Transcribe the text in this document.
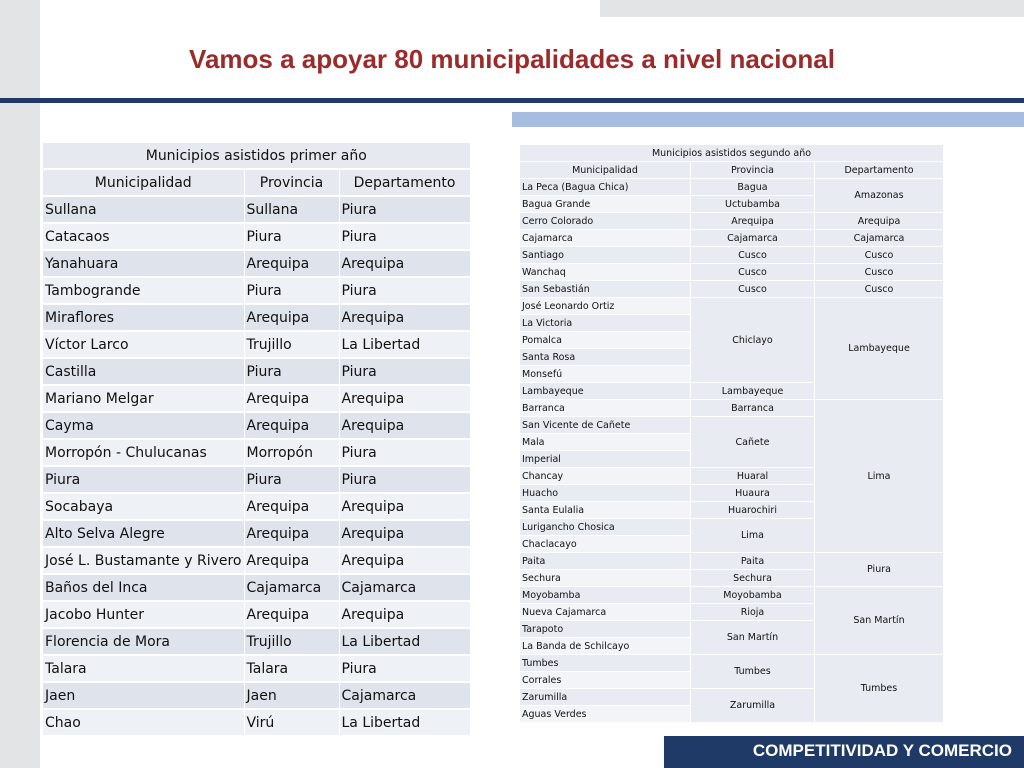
Vamos a apoyar 80 municipalidades a nivel nacional
Municipios asistidos primer año		
Municipalidad	Provincia	Departamento
Sullana	Sullana	Piura
Catacaos	Piura	Piura
Yanahuara	Arequipa	Arequipa
Tambogrande	Piura	Piura
Miraflores	Arequipa	Arequipa
Víctor Larco	Trujillo	La Libertad
Castilla	Piura	Piura
Mariano Melgar	Arequipa	Arequipa
Cayma	Arequipa	Arequipa
Morropón - Chulucanas	Morropón	Piura
Piura	Piura	Piura
Socabaya	Arequipa	Arequipa
Alto Selva Alegre	Arequipa	Arequipa
José L. Bustamante y Rivero	Arequipa	Arequipa
Baños del Inca	Cajamarca	Cajamarca
Jacobo Hunter	Arequipa	Arequipa
Florencia de Mora	Trujillo	La Libertad
Talara	Talara	Piura
Jaen	Jaen	Cajamarca
Chao	Virú	La Libertad
COMPETITIVIDAD Y COMERCIO
Municipios asistidos segundo año		
Municipalidad	Provincia	Departamento
La Peca (Bagua Chica)	Bagua	Amazonas
Bagua Grande	Uctubamba	
Cerro Colorado	Arequipa	Arequipa
Cajamarca	Cajamarca	Cajamarca
Santiago	Cusco	Cusco
Wanchaq	Cusco	Cusco
San Sebastián	Cusco	Cusco
José Leonardo Ortiz	Chiclayo	Lambayeque
La Victoria		
Pomalca		
Santa Rosa		
Monsefú		
Lambayeque	Lambayeque	
Barranca	Barranca	Lima
San Vicente de Cañete	Cañete	
Mala		
Imperial		
Chancay	Huaral	
Huacho	Huaura	
Santa Eulalia	Huarochiri	
Lurigancho Chosica	Lima	
Chaclacayo		
Paita	Paita	Piura
Sechura	Sechura	
Moyobamba	Moyobamba	San Martín
Nueva Cajamarca	Rioja	
Tarapoto	San Martín	
La Banda de Schilcayo		
Tumbes	Tumbes	Tumbes
Corrales		
Zarumilla	Zarumilla	
Aguas Verdes		
